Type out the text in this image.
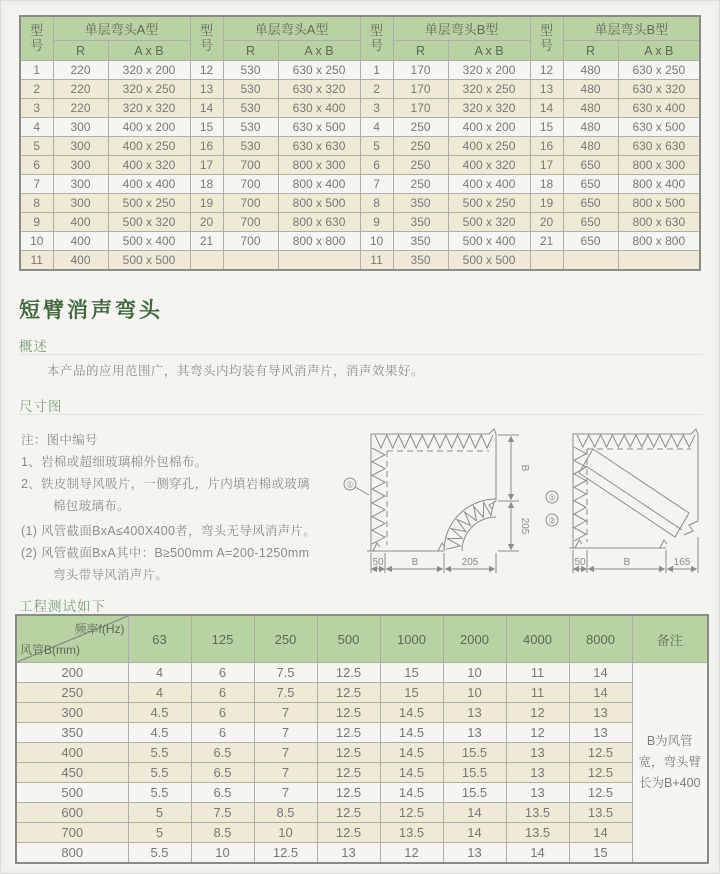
型号	单层弯头A型		型号	单层弯头A型		型号	单层弯头B型		型号	单层弯头B型	
	R	A x B		R	A x B		R	A x B		R	A x B
1	220	320 x 200	12	530	630 x 250	1	170	320 x 200	12	480	630 x 250
2	220	320 x 250	13	530	630 x 320	2	170	320 x 250	13	480	630 x 320
3	220	320 x 320	14	530	630 x 400	3	170	320 x 320	14	480	630 x 400
4	300	400 x 200	15	530	630 x 500	4	250	400 x 200	15	480	630 x 500
5	300	400 x 250	16	530	630 x 630	5	250	400 x 250	16	480	630 x 630
6	300	400 x 320	17	700	800 x 300	6	250	400 x 320	17	650	800 x 300
7	300	400 x 400	18	700	800 x 400	7	250	400 x 400	18	650	800 x 400
8	300	500 x 250	19	700	800 x 500	8	350	500 x 250	19	650	800 x 500
9	400	500 x 320	20	700	800 x 630	9	350	500 x 320	20	650	800 x 630
10	400	500 x 400	21	700	800 x 800	10	350	500 x 400	21	650	800 x 800
11	400	500 x 500				11	350	500 x 500			
短臂消声弯头
概述
本产品的应用范围广，其弯头内均装有导风消声片，消声效果好。
尺寸图
注：图中编号
1、岩棉或超细玻璃棉外包棉布。
2、铁皮制导风吸片，一侧穿孔，片内填岩棉或玻璃
棉包玻璃布。
(1) 风管截面BxA≤400X400者，弯头无导风消声片。
(2) 风管截面BxA其中：B≥500mm A=200-1250mm
弯头带导风消声片。
①
B
205
50	B	205
①
②
50	B	165
工程测试如下
频率f(Hz)
风管B(mm)	63	125	250	500	1000	2000	4000	8000	备注
200	4	6	7.5	12.5	15	10	11	14	B为风管宽，弯头臂长为B+400
250	4	6	7.5	12.5	15	10	11	14	
300	4.5	6	7	12.5	14.5	13	12	13	
350	4.5	6	7	12.5	14.5	13	12	13	
400	5.5	6.5	7	12.5	14.5	15.5	13	12.5	
450	5.5	6.5	7	12.5	14.5	15.5	13	12.5	
500	5.5	6.5	7	12.5	14.5	15.5	13	12.5	
600	5	7.5	8.5	12.5	12.5	14	13.5	13.5	
700	5	8.5	10	12.5	13.5	14	13.5	14	
800	5.5	10	12.5	13	12	13	14	15	
